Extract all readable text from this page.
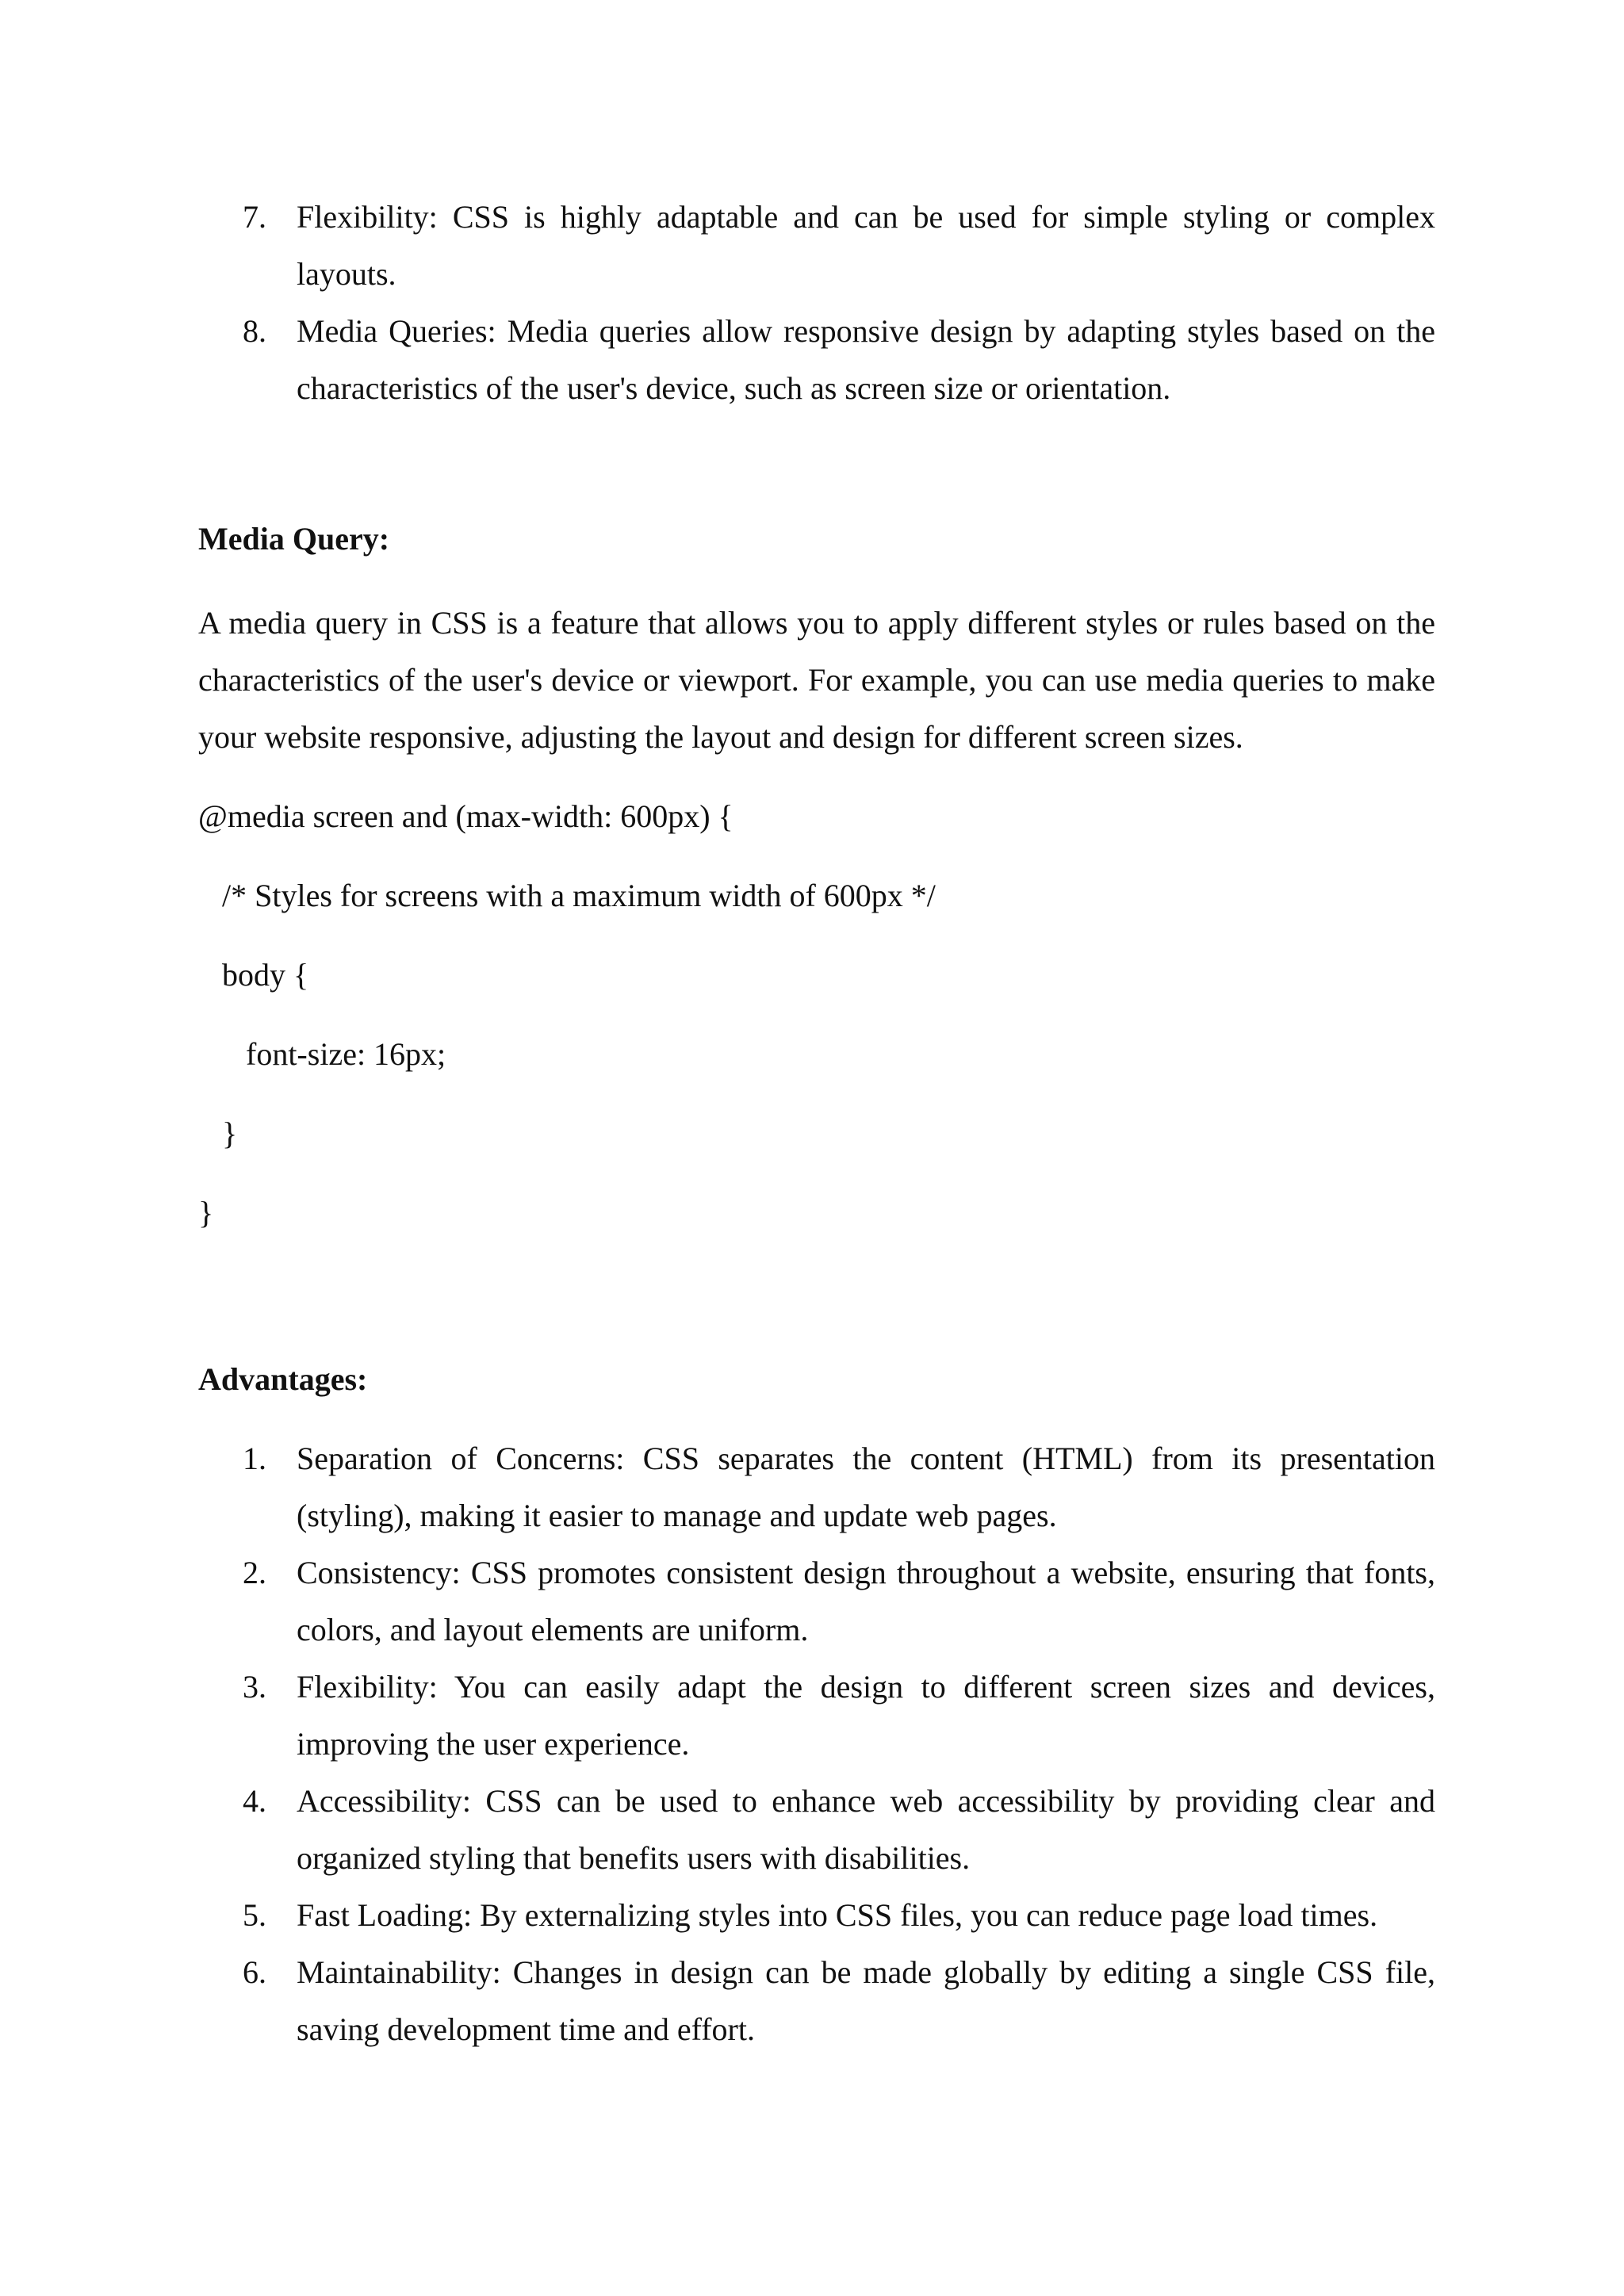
7. Flexibility: CSS is highly adaptable and can be used for simple styling or complex layouts.
8. Media Queries: Media queries allow responsive design by adapting styles based on the characteristics of the user's device, such as screen size or orientation.

Media Query:

A media query in CSS is a feature that allows you to apply different styles or rules based on the characteristics of the user's device or viewport. For example, you can use media queries to make your website responsive, adjusting the layout and design for different screen sizes.

@media screen and (max-width: 600px) {
/* Styles for screens with a maximum width of 600px */
body {
font-size: 16px;
}
}

Advantages:

1. Separation of Concerns: CSS separates the content (HTML) from its presentation (styling), making it easier to manage and update web pages.
2. Consistency: CSS promotes consistent design throughout a website, ensuring that fonts, colors, and layout elements are uniform.
3. Flexibility: You can easily adapt the design to different screen sizes and devices, improving the user experience.
4. Accessibility: CSS can be used to enhance web accessibility by providing clear and organized styling that benefits users with disabilities.
5. Fast Loading: By externalizing styles into CSS files, you can reduce page load times.
6. Maintainability: Changes in design can be made globally by editing a single CSS file, saving development time and effort.
